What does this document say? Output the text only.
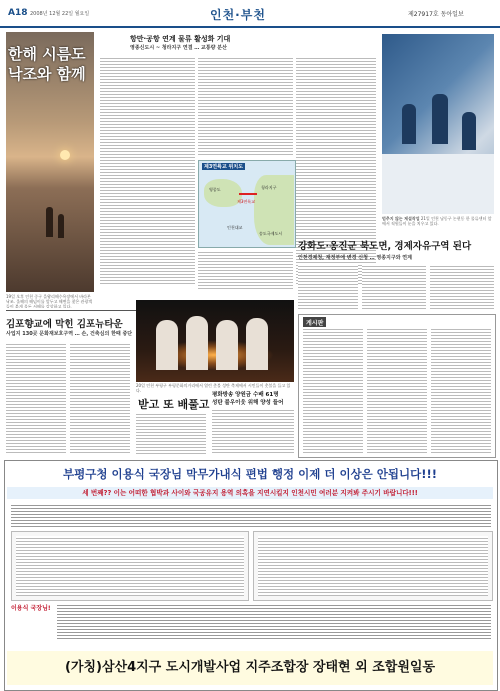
A18 2008년 12월 22일 월요일	인천·부천	제27917호 동아일보
한해 시름도
낙조와 함께
19일 오후 인천 중구 을왕리해수욕장에서 바라본 낙조. 올해의 해넘이를 앞두고 해변을 찾은 관광객들이 붉게 물든 서해를 감상하고 있다.
항만·공항 연계 물류 활성화 기대
영종신도시 ~ 청라지구 연결 … 교통량 분산
제3연륙교 위치도
영종도	청라지구
제3연륙교
인천대교
송도국제도시
멈추지 않는 제설작업 21일 인천 남동구 논현동 한 물류센터 앞에서 직원들이 눈을 치우고 있다.
강화도·옹진군 북도면, 경제자유구역 된다
인천경제청, 재정부에 변경 신청 … 영종지구와 연계
김포향교에 막힌 김포뉴타운
사업지 130곳 문화재보호구역 … 손, 건축심의 한때 중단
20일 인천 부평구 부평문화의거리에서 열린 촛불 성탄 축제에서 시민들이 촛불을 들고 있다.
받고 또 배풀고
평화방송 양원금 수배 61명
성탄 불우이웃 위해 양성 들어
게시판
부평구청 이용식 국장님 막무가내식 편법 행정 이제 더 이상은 안됩니다!!!
세 번째?? 이는 어떠한 협박과 사이와 국공유지 용역 의혹을 지연시킬지 인천시민 여러분 지켜봐 주시기 바랍니다!!!
이용식 국장님!
(가칭)삼산4지구 도시개발사업 지주조합장 장태현 외 조합원일동
